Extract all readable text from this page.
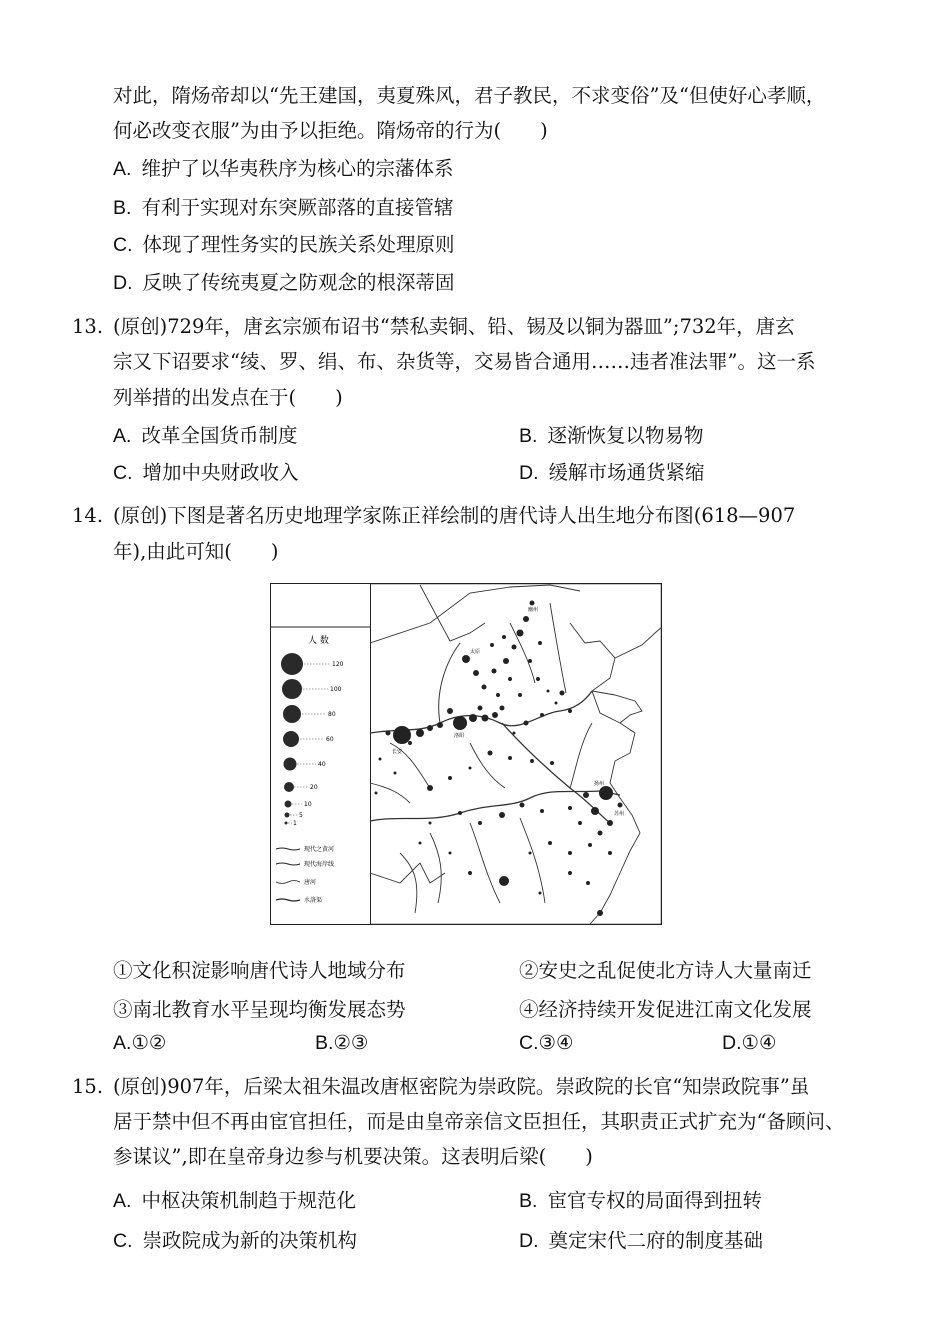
对此，隋炀帝却以“先王建国，夷夏殊风，君子教民，不求变俗”及“但使好心孝顺，
何必改变衣服”为由予以拒绝。隋炀帝的行为(　　)
A. 维护了以华夷秩序为核心的宗藩体系
B. 有利于实现对东突厥部落的直接管辖
C. 体现了理性务实的民族关系处理原则
D. 反映了传统夷夏之防观念的根深蒂固
13. (原创)729年，唐玄宗颁布诏书“禁私卖铜、铅、锡及以铜为器皿”;732年，唐玄
宗又下诏要求“绫、罗、绢、布、杂货等，交易皆合通用……违者准法罪”。这一系
列举措的出发点在于(　　)
A. 改革全国货币制度	B. 逐渐恢复以物易物
C. 增加中央财政收入	D. 缓解市场通货紧缩
14. (原创)下图是著名历史地理学家陈正祥绘制的唐代诗人出生地分布图(618—907
年),由此可知(　　)
人 数
120
100
80
60
40
20
10
5
1
现代之黄河
现代海岸线
唐河
水洛渠
长安
洛阳
扬州
苏州
太原
幽州
①文化积淀影响唐代诗人地域分布	②安史之乱促使北方诗人大量南迁
③南北教育水平呈现均衡发展态势	④经济持续开发促进江南文化发展
A.①②	B.②③	C.③④	D.①④
15. (原创)907年，后梁太祖朱温改唐枢密院为崇政院。崇政院的长官“知崇政院事”虽
居于禁中但不再由宦官担任，而是由皇帝亲信文臣担任，其职责正式扩充为“备顾问、
参谋议”,即在皇帝身边参与机要决策。这表明后梁(　　)
A. 中枢决策机制趋于规范化	B. 宦官专权的局面得到扭转
C. 崇政院成为新的决策机构	D. 奠定宋代二府的制度基础
